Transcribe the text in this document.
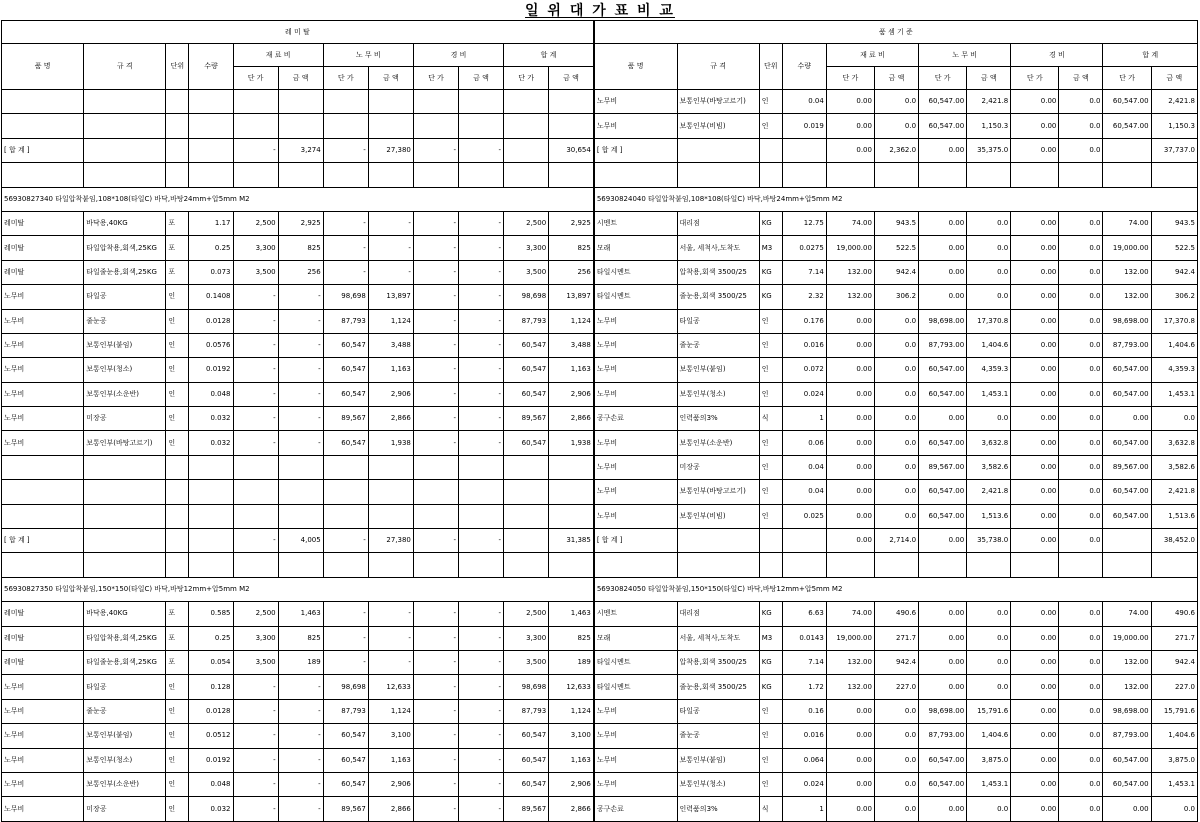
일 위 대 가 표 비 교
레 미 탈												품 셈 기 준											
품 명	규 격	단위	수량	재 료 비		노 무 비		경 비		합 계		품 명	규 격	단위	수량	재 료 비		노 무 비		경 비		합 계	
				단 가	금 액	단 가	금 액	단 가	금 액	단 가	금 액					단 가	금 액	단 가	금 액	단 가	금 액	단 가	금 액
												노무비	보통인부(바탕고르기)	인	0.04	0.00	0.0	60,547.00	2,421.8	0.00	0.0	60,547.00	2,421.8
												노무비	보통인부(비빔)	인	0.019	0.00	0.0	60,547.00	1,150.3	0.00	0.0	60,547.00	1,150.3
[ 합 계 ]				-	3,274	-	27,380	-	-		30,654	[ 합 계 ]				0.00	2,362.0	0.00	35,375.0	0.00	0.0		37,737.0

56930827340 타일압착붙임,108*108(타일C) 바닥,바탕24mm+압5mm M2												56930824040 타일압착붙임,108*108(타일C) 바닥,바탕24mm+압5mm M2											
레미탈	바닥용,40KG	포	1.17	2,500	2,925	-	-	-	-	2,500	2,925	시멘트	대리점	KG	12.75	74.00	943.5	0.00	0.0	0.00	0.0	74.00	943.5
레미탈	타일압착용,회색,25KG	포	0.25	3,300	825	-	-	-	-	3,300	825	모래	서울, 세척사,도착도	M3	0.0275	19,000.00	522.5	0.00	0.0	0.00	0.0	19,000.00	522.5
레미탈	타일줄눈용,회색,25KG	포	0.073	3,500	256	-	-	-	-	3,500	256	타일시멘트	압착용,회색 3500/25	KG	7.14	132.00	942.4	0.00	0.0	0.00	0.0	132.00	942.4
노무비	타일공	인	0.1408	-	-	98,698	13,897	-	-	98,698	13,897	타일시멘트	줄눈용,회색 3500/25	KG	2.32	132.00	306.2	0.00	0.0	0.00	0.0	132.00	306.2
노무비	줄눈공	인	0.0128	-	-	87,793	1,124	-	-	87,793	1,124	노무비	타일공	인	0.176	0.00	0.0	98,698.00	17,370.8	0.00	0.0	98,698.00	17,370.8
노무비	보통인부(붙임)	인	0.0576	-	-	60,547	3,488	-	-	60,547	3,488	노무비	줄눈공	인	0.016	0.00	0.0	87,793.00	1,404.6	0.00	0.0	87,793.00	1,404.6
노무비	보통인부(청소)	인	0.0192	-	-	60,547	1,163	-	-	60,547	1,163	노무비	보통인부(붙임)	인	0.072	0.00	0.0	60,547.00	4,359.3	0.00	0.0	60,547.00	4,359.3
노무비	보통인부(소운반)	인	0.048	-	-	60,547	2,906	-	-	60,547	2,906	노무비	보통인부(청소)	인	0.024	0.00	0.0	60,547.00	1,453.1	0.00	0.0	60,547.00	1,453.1
노무비	미장공	인	0.032	-	-	89,567	2,866	-	-	89,567	2,866	공구손료	인력품의3%	식	1	0.00	0.0	0.00	0.0	0.00	0.0	0.00	0.0
노무비	보통인부(바탕고르기)	인	0.032	-	-	60,547	1,938	-	-	60,547	1,938	노무비	보통인부(소운반)	인	0.06	0.00	0.0	60,547.00	3,632.8	0.00	0.0	60,547.00	3,632.8
												노무비	미장공	인	0.04	0.00	0.0	89,567.00	3,582.6	0.00	0.0	89,567.00	3,582.6
												노무비	보통인부(바탕고르기)	인	0.04	0.00	0.0	60,547.00	2,421.8	0.00	0.0	60,547.00	2,421.8
												노무비	보통인부(비빔)	인	0.025	0.00	0.0	60,547.00	1,513.6	0.00	0.0	60,547.00	1,513.6
[ 합 계 ]				-	4,005	-	27,380	-	-		31,385	[ 합 계 ]				0.00	2,714.0	0.00	35,738.0	0.00	0.0		38,452.0

56930827350 타일압착붙임,150*150(타일C) 바닥,바탕12mm+압5mm M2												56930824050 타일압착붙임,150*150(타일C) 바닥,바탕12mm+압5mm M2											
레미탈	바닥용,40KG	포	0.585	2,500	1,463	-	-	-	-	2,500	1,463	시멘트	대리점	KG	6.63	74.00	490.6	0.00	0.0	0.00	0.0	74.00	490.6
레미탈	타일압착용,회색,25KG	포	0.25	3,300	825	-	-	-	-	3,300	825	모래	서울, 세척사,도착도	M3	0.0143	19,000.00	271.7	0.00	0.0	0.00	0.0	19,000.00	271.7
레미탈	타일줄눈용,회색,25KG	포	0.054	3,500	189	-	-	-	-	3,500	189	타일시멘트	압착용,회색 3500/25	KG	7.14	132.00	942.4	0.00	0.0	0.00	0.0	132.00	942.4
노무비	타일공	인	0.128	-	-	98,698	12,633	-	-	98,698	12,633	타일시멘트	줄눈용,회색 3500/25	KG	1.72	132.00	227.0	0.00	0.0	0.00	0.0	132.00	227.0
노무비	줄눈공	인	0.0128	-	-	87,793	1,124	-	-	87,793	1,124	노무비	타일공	인	0.16	0.00	0.0	98,698.00	15,791.6	0.00	0.0	98,698.00	15,791.6
노무비	보통인부(붙임)	인	0.0512	-	-	60,547	3,100	-	-	60,547	3,100	노무비	줄눈공	인	0.016	0.00	0.0	87,793.00	1,404.6	0.00	0.0	87,793.00	1,404.6
노무비	보통인부(청소)	인	0.0192	-	-	60,547	1,163	-	-	60,547	1,163	노무비	보통인부(붙임)	인	0.064	0.00	0.0	60,547.00	3,875.0	0.00	0.0	60,547.00	3,875.0
노무비	보통인부(소운반)	인	0.048	-	-	60,547	2,906	-	-	60,547	2,906	노무비	보통인부(청소)	인	0.024	0.00	0.0	60,547.00	1,453.1	0.00	0.0	60,547.00	1,453.1
노무비	미장공	인	0.032	-	-	89,567	2,866	-	-	89,567	2,866	공구손료	인력품의3%	식	1	0.00	0.0	0.00	0.0	0.00	0.0	0.00	0.0
